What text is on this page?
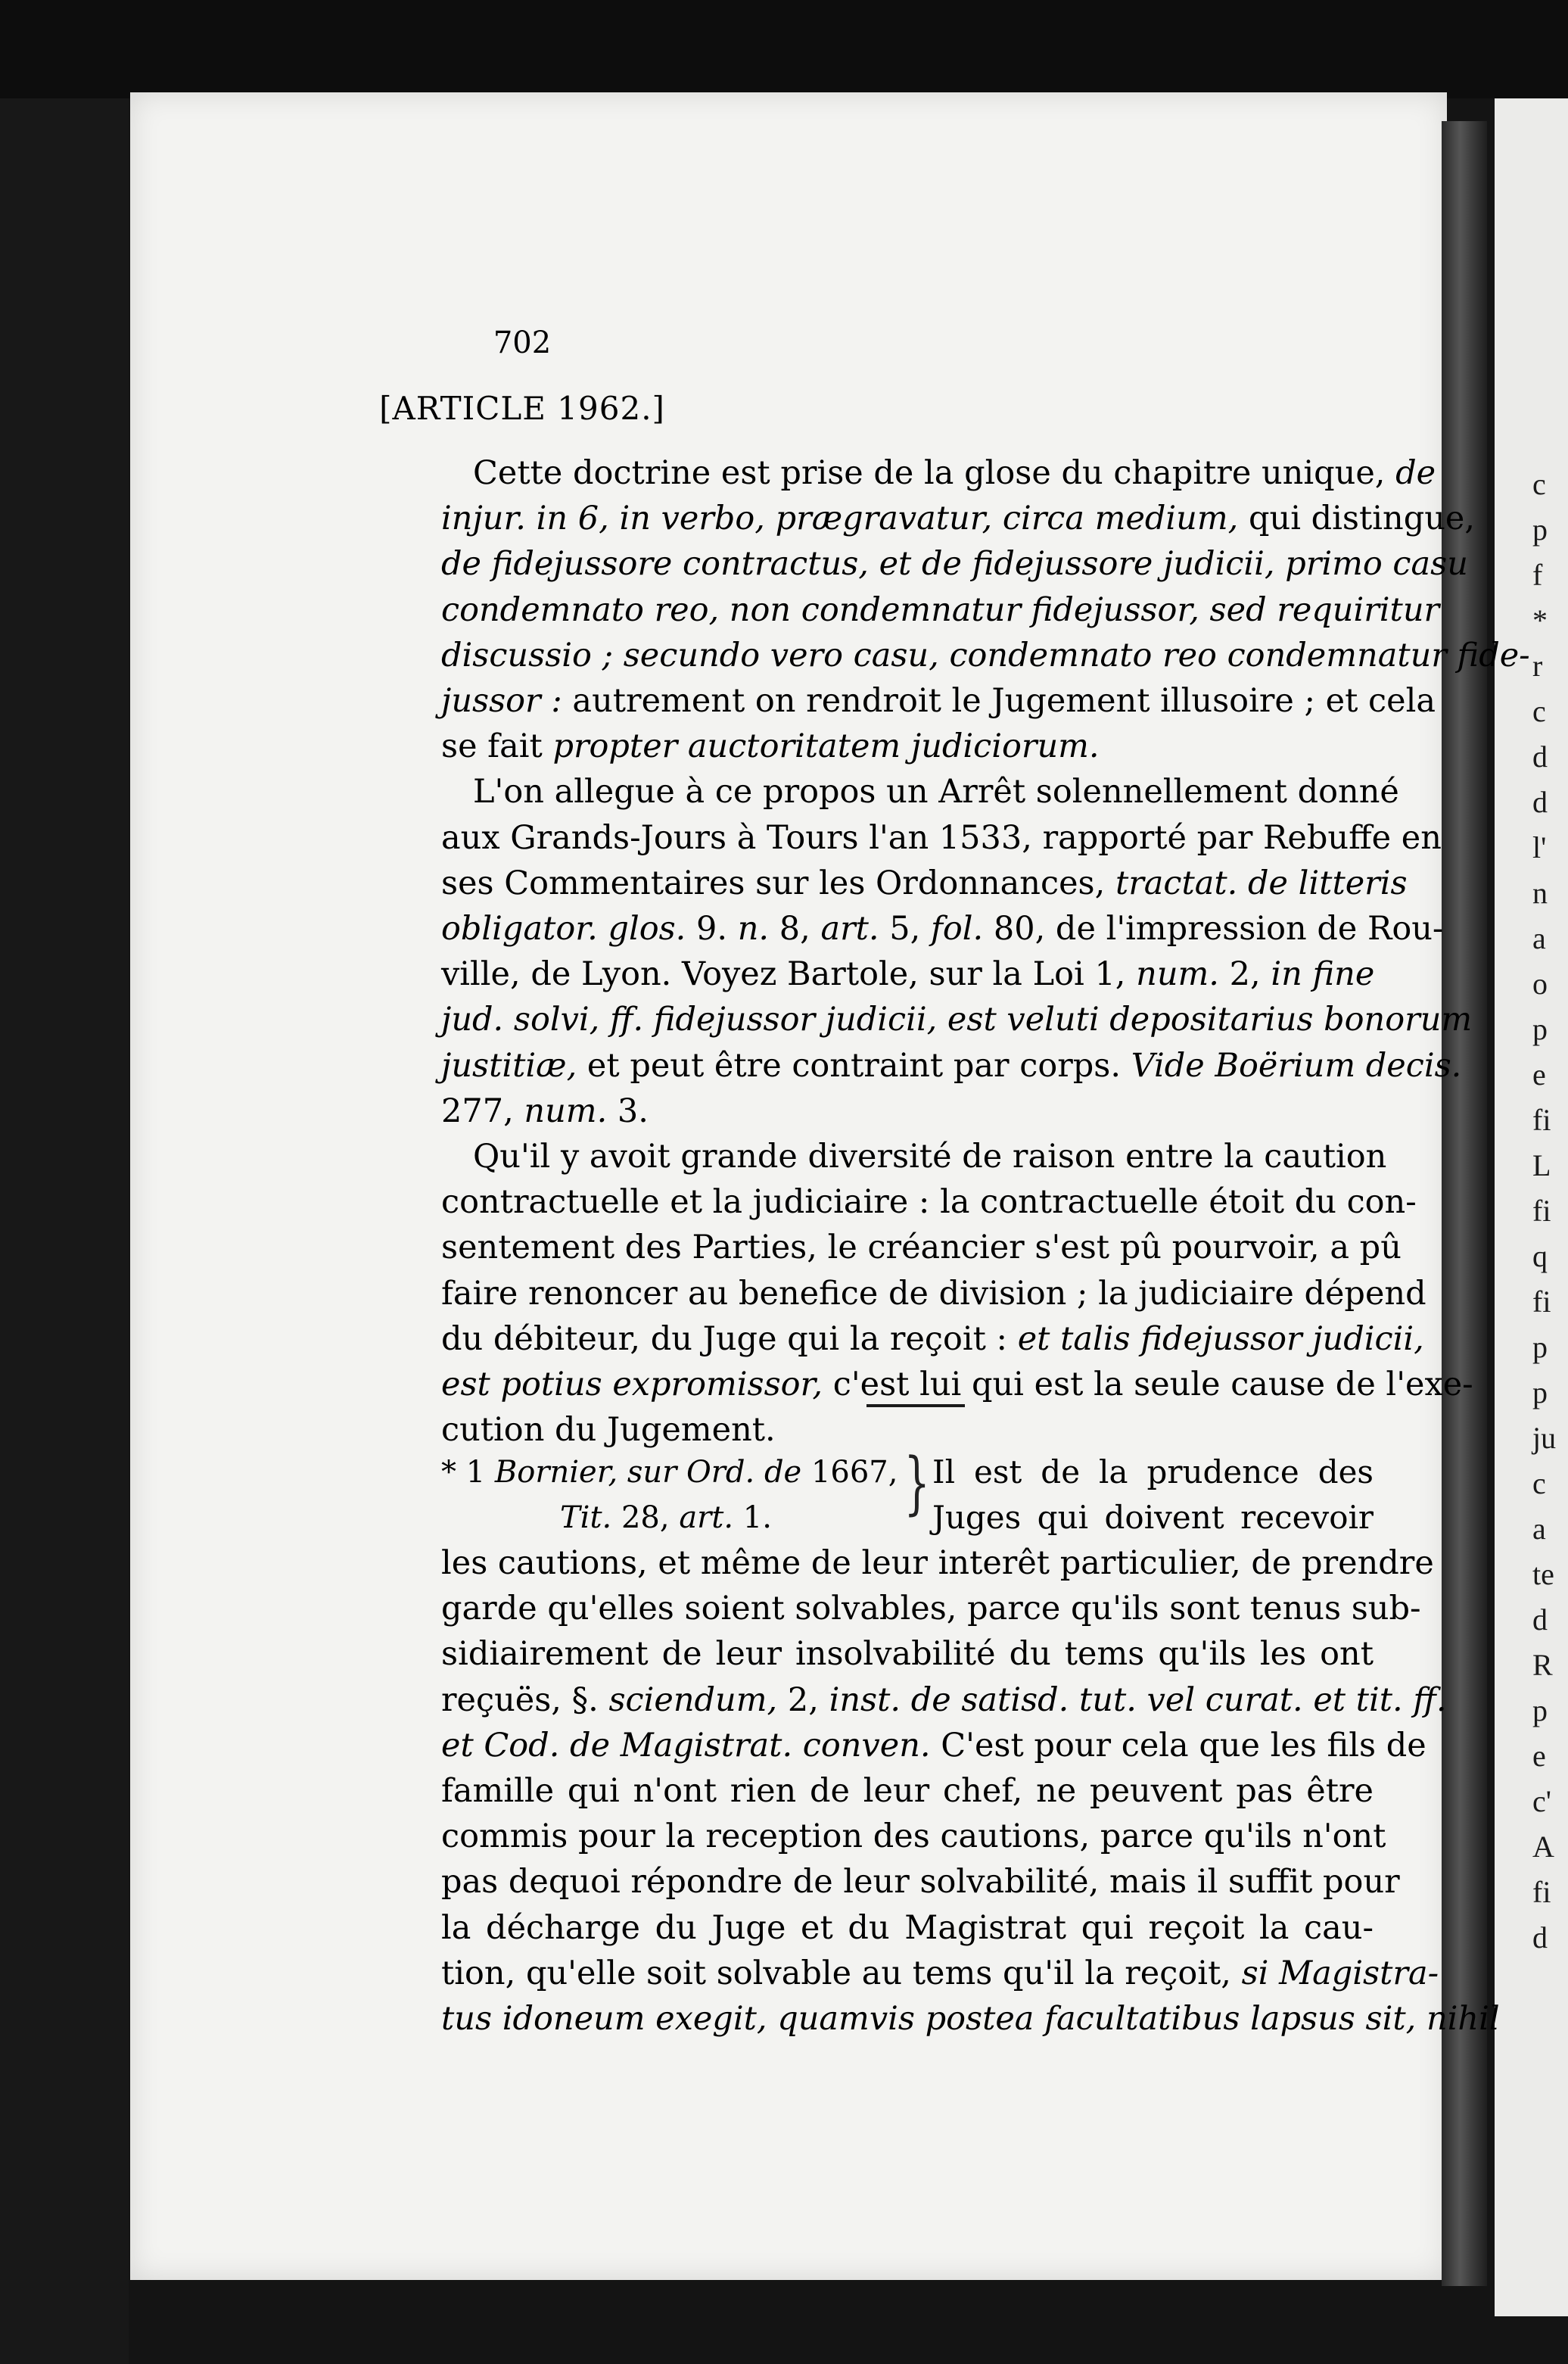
c
p
f
*
r
c
d
d
l'
n
a
o
p
e
fi
L
fi
q
fi
p
p
ju
c
a
te
d
R
p
e
c'
A
fi
d
702
[ARTICLE 1962.]
Cette doctrine est prise de la glose du chapitre unique, de
injur. in 6, in verbo, prægravatur, circa medium, qui distingue,
de fidejussore contractus, et de fidejussore judicii, primo casu
condemnato reo, non condemnatur fidejussor, sed requiritur
discussio ; secundo vero casu, condemnato reo condemnatur fide-
jussor : autrement on rendroit le Jugement illusoire ; et cela
se fait propter auctoritatem judiciorum.
L'on allegue à ce propos un Arrêt solennellement donné
aux Grands-Jours à Tours l'an 1533, rapporté par Rebuffe en
ses Commentaires sur les Ordonnances, tractat. de litteris
obligator. glos. 9. n. 8, art. 5, fol. 80, de l'impression de Rou-
ville, de Lyon. Voyez Bartole, sur la Loi 1, num. 2, in fine
jud. solvi, ff. fidejussor judicii, est veluti depositarius bonorum
justitiæ, et peut être contraint par corps. Vide Boërium decis.
277, num. 3.
Qu'il y avoit grande diversité de raison entre la caution
contractuelle et la judiciaire : la contractuelle étoit du con-
sentement des Parties, le créancier s'est pû pourvoir, a pû
faire renoncer au benefice de division ; la judiciaire dépend
du débiteur, du Juge qui la reçoit : et talis fidejussor judicii,
est potius expromissor, c'est lui qui est la seule cause de l'exe-
cution du Jugement.
* 1 Bornier, sur Ord. de 1667,
Tit. 28, art. 1.	} Il est de la prudence des
Juges qui doivent recevoir
les cautions, et même de leur interêt particulier, de prendre
garde qu'elles soient solvables, parce qu'ils sont tenus sub-
sidiairement de leur insolvabilité du tems qu'ils les ont
reçuës, §. sciendum, 2, inst. de satisd. tut. vel curat. et tit. ff.
et Cod. de Magistrat. conven. C'est pour cela que les fils de
famille qui n'ont rien de leur chef, ne peuvent pas être
commis pour la reception des cautions, parce qu'ils n'ont
pas dequoi répondre de leur solvabilité, mais il suffit pour
la décharge du Juge et du Magistrat qui reçoit la cau-
tion, qu'elle soit solvable au tems qu'il la reçoit, si Magistra-
tus idoneum exegit, quamvis postea facultatibus lapsus sit, nihil
